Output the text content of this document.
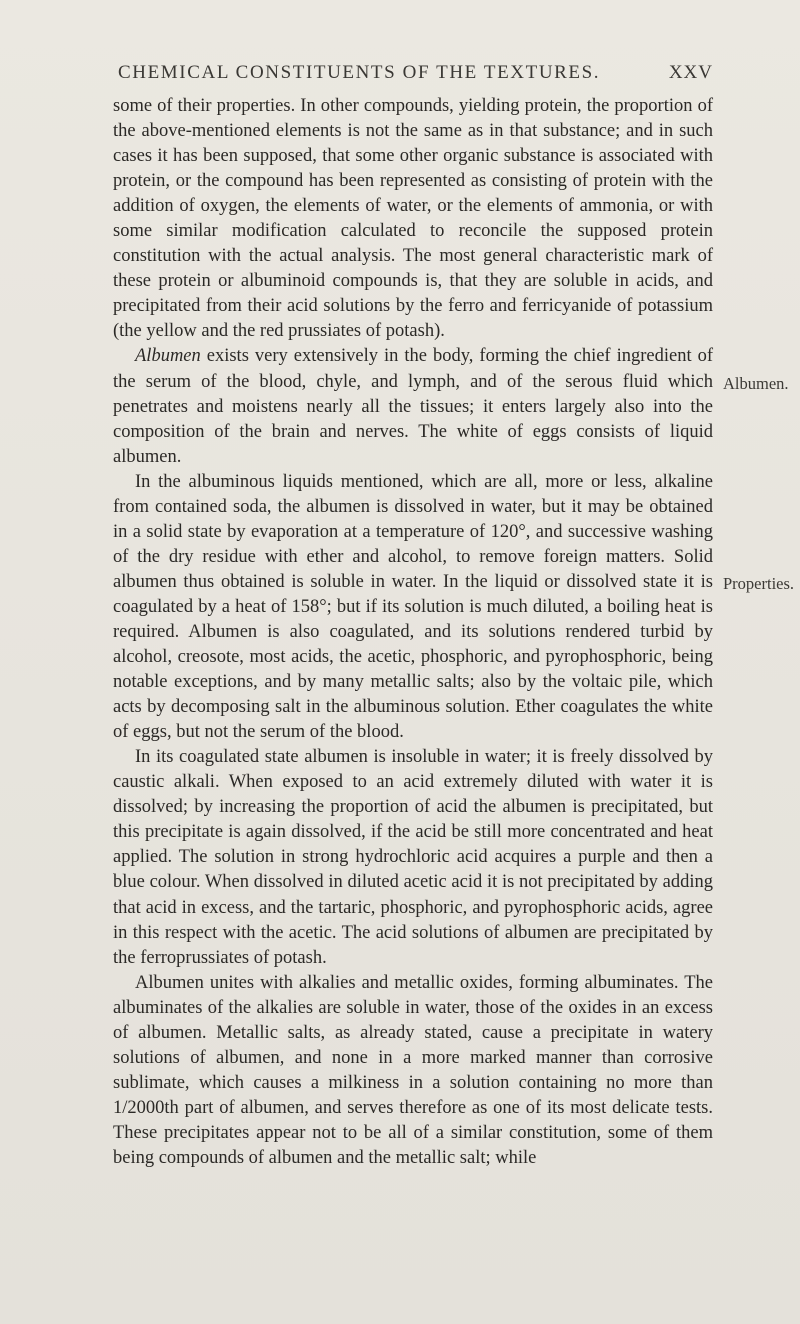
CHEMICAL CONSTITUENTS OF THE TEXTURES.	XXV

some of their properties. In other compounds, yielding protein, the proportion of the above-mentioned elements is not the same as in that substance; and in such cases it has been supposed, that some other organic substance is associated with protein, or the compound has been represented as consisting of protein with the addition of oxygen, the elements of water, or the elements of ammonia, or with some similar modification calculated to reconcile the supposed protein constitution with the actual analysis. The most general characteristic mark of these protein or albuminoid compounds is, that they are soluble in acids, and precipitated from their acid solutions by the ferro and ferricyanide of potassium (the yellow and the red prussiates of potash).

Albumen exists very extensively in the body, forming the chief ingredient of the serum of the blood, chyle, and lymph, and of the serous fluid which penetrates and moistens nearly all the tissues; it enters largely also into the composition of the brain and nerves. The white of eggs consists of liquid albumen.

In the albuminous liquids mentioned, which are all, more or less, alkaline from contained soda, the albumen is dissolved in water, but it may be obtained in a solid state by evaporation at a temperature of 120°, and successive washing of the dry residue with ether and alcohol, to remove foreign matters. Solid albumen thus obtained is soluble in water. In the liquid or dissolved state it is coagulated by a heat of 158°; but if its solution is much diluted, a boiling heat is required. Albumen is also coagulated, and its solutions rendered turbid by alcohol, creosote, most acids, the acetic, phosphoric, and pyrophosphoric, being notable exceptions, and by many metallic salts; also by the voltaic pile, which acts by decomposing salt in the albuminous solution. Ether coagulates the white of eggs, but not the serum of the blood.

In its coagulated state albumen is insoluble in water; it is freely dissolved by caustic alkali. When exposed to an acid extremely diluted with water it is dissolved; by increasing the proportion of acid the albumen is precipitated, but this precipitate is again dissolved, if the acid be still more concentrated and heat applied. The solution in strong hydrochloric acid acquires a purple and then a blue colour. When dissolved in diluted acetic acid it is not precipitated by adding that acid in excess, and the tartaric, phosphoric, and pyrophosphoric acids, agree in this respect with the acetic. The acid solutions of albumen are precipitated by the ferroprussiates of potash.

Albumen unites with alkalies and metallic oxides, forming albuminates. The albuminates of the alkalies are soluble in water, those of the oxides in an excess of albumen. Metallic salts, as already stated, cause a precipitate in watery solutions of albumen, and none in a more marked manner than corrosive sublimate, which causes a milkiness in a solution containing no more than 1/2000th part of albumen, and serves therefore as one of its most delicate tests. These precipitates appear not to be all of a similar constitution, some of them being compounds of albumen and the metallic salt; while

Albumen.
Properties.
